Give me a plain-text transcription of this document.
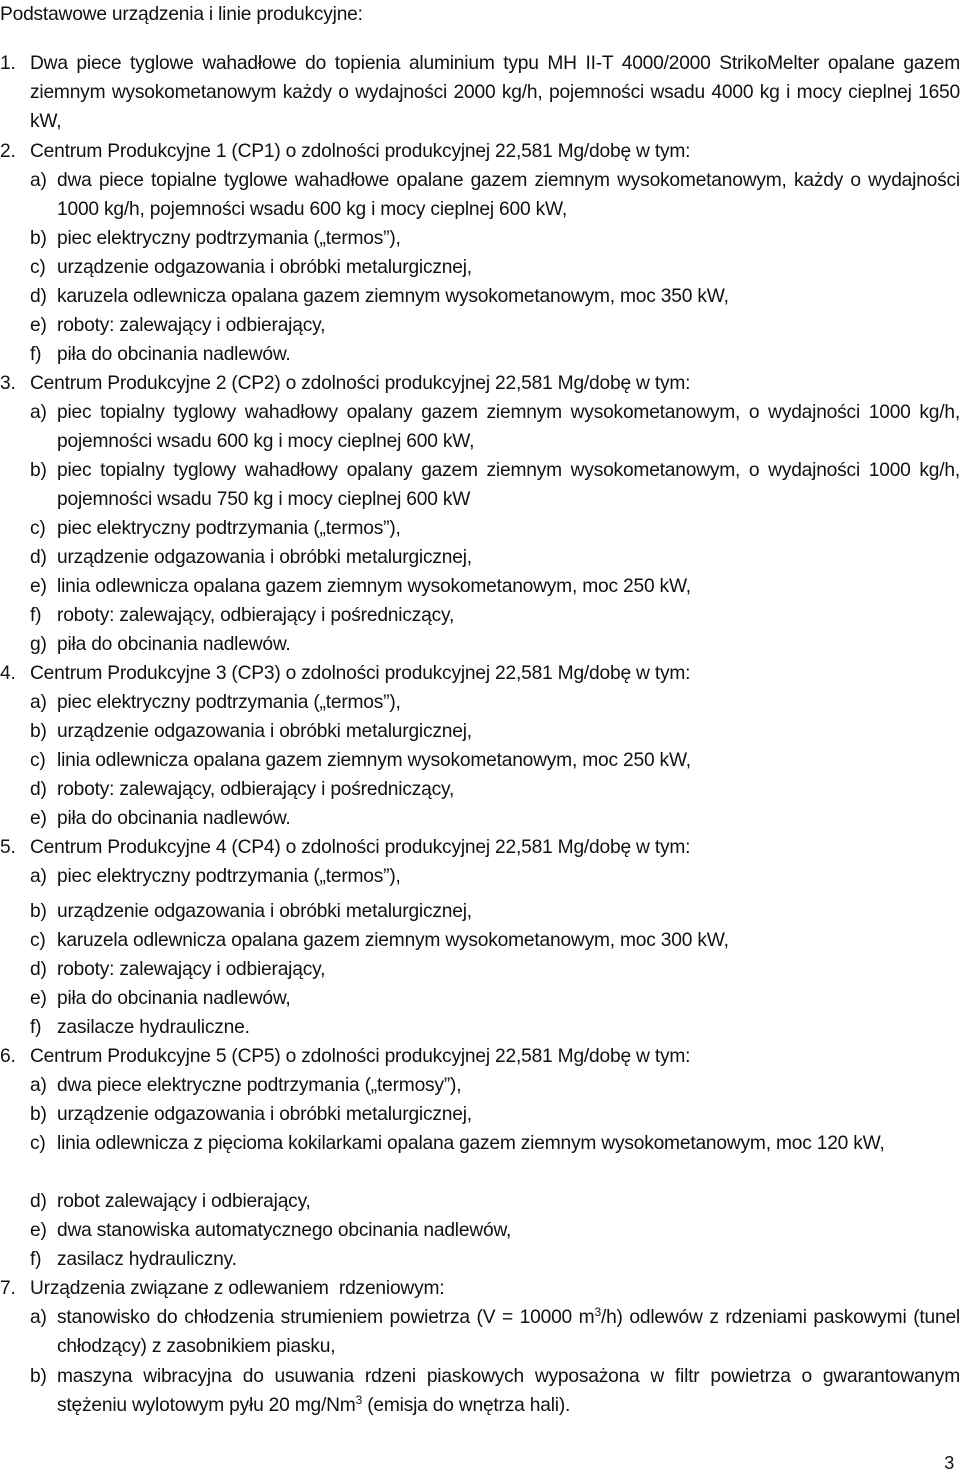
Podstawowe urządzenia i linie produkcyjne:
1. Dwa piece tyglowe wahadłowe do topienia aluminium typu MH II-T 4000/2000 StrikoMelter opalane gazem ziemnym wysokometanowym każdy o wydajności 2000 kg/h, pojemności wsadu 4000 kg i mocy cieplnej 1650 kW,
2. Centrum Produkcyjne 1 (CP1) o zdolności produkcyjnej 22,581 Mg/dobę w tym:
a) dwa piece topialne tyglowe wahadłowe opalane gazem ziemnym wysokometanowym, każdy o wydajności 1000 kg/h, pojemności wsadu 600 kg i mocy cieplnej 600 kW,
b) piec elektryczny podtrzymania („termos”),
c) urządzenie odgazowania i obróbki metalurgicznej,
d) karuzela odlewnicza opalana gazem ziemnym wysokometanowym, moc 350 kW,
e) roboty: zalewający i odbierający,
f) piła do obcinania nadlewów.
3. Centrum Produkcyjne 2 (CP2) o zdolności produkcyjnej 22,581 Mg/dobę w tym:
a) piec topialny tyglowy wahadłowy opalany gazem ziemnym wysokometanowym, o wydajności 1000 kg/h, pojemności wsadu 600 kg i mocy cieplnej 600 kW,
b) piec topialny tyglowy wahadłowy opalany gazem ziemnym wysokometanowym, o wydajności 1000 kg/h, pojemności wsadu 750 kg i mocy cieplnej 600 kW
c) piec elektryczny podtrzymania („termos”),
d) urządzenie odgazowania i obróbki metalurgicznej,
e) linia odlewnicza opalana gazem ziemnym wysokometanowym, moc 250 kW,
f) roboty: zalewający, odbierający i pośredniczący,
g) piła do obcinania nadlewów.
4. Centrum Produkcyjne 3 (CP3) o zdolności produkcyjnej 22,581 Mg/dobę w tym:
a) piec elektryczny podtrzymania („termos”),
b) urządzenie odgazowania i obróbki metalurgicznej,
c) linia odlewnicza opalana gazem ziemnym wysokometanowym, moc 250 kW,
d) roboty: zalewający, odbierający i pośredniczący,
e) piła do obcinania nadlewów.
5. Centrum Produkcyjne 4 (CP4) o zdolności produkcyjnej 22,581 Mg/dobę w tym:
a) piec elektryczny podtrzymania („termos”),
b) urządzenie odgazowania i obróbki metalurgicznej,
c) karuzela odlewnicza opalana gazem ziemnym wysokometanowym, moc 300 kW,
d) roboty: zalewający i odbierający,
e) piła do obcinania nadlewów,
f) zasilacze hydrauliczne.
6. Centrum Produkcyjne 5 (CP5) o zdolności produkcyjnej 22,581 Mg/dobę w tym:
a) dwa piece elektryczne podtrzymania („termosy”),
b) urządzenie odgazowania i obróbki metalurgicznej,
c) linia odlewnicza z pięcioma kokilarkami opalana gazem ziemnym wysokometanowym, moc 120 kW,
d) robot zalewający i odbierający,
e) dwa stanowiska automatycznego obcinania nadlewów,
f) zasilacz hydrauliczny.
7. Urządzenia związane z odlewaniem  rdzeniowym:
a) stanowisko do chłodzenia strumieniem powietrza (V = 10000 $m^3/h$) odlewów z rdzeniami paskowymi (tunel chłodzący) z zasobnikiem piasku,
b) maszyna wibracyjna do usuwania rdzeni piaskowych wyposażona w filtr powietrza o gwarantowanym stężeniu wylotowym pyłu 20 mg/Nm$^3$ (emisja do wnętrza hali).
3
